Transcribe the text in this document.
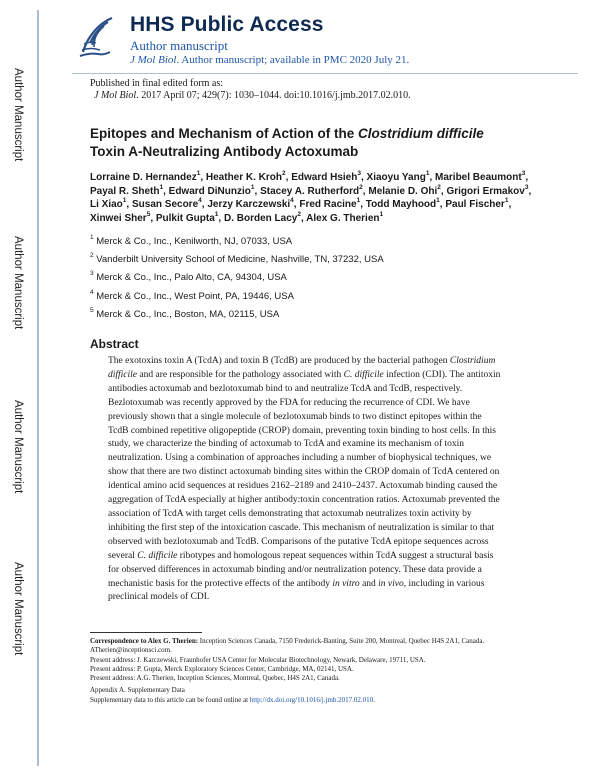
Author Manuscript
Author Manuscript
Author Manuscript
Author Manuscript
HHS Public Access
Author manuscript
J Mol Biol. Author manuscript; available in PMC 2020 July 21.
Published in final edited form as:
J Mol Biol. 2017 April 07; 429(7): 1030–1044. doi:10.1016/j.jmb.2017.02.010.
Epitopes and Mechanism of Action of the Clostridium difficile
Toxin A-Neutralizing Antibody Actoxumab
Lorraine D. Hernandez$^1$, Heather K. Kroh$^2$, Edward Hsieh$^3$, Xiaoyu Yang$^1$, Maribel Beaumont$^3$, Payal R. Sheth$^1$, Edward DiNunzio$^1$, Stacey A. Rutherford$^2$, Melanie D. Ohi$^2$, Grigori Ermakov$^3$, Li Xiao$^1$, Susan Secore$^4$, Jerzy Karczewski$^4$, Fred Racine$^1$, Todd Mayhood$^1$, Paul Fischer$^1$, Xinwei Sher$^5$, Pulkit Gupta$^1$, D. Borden Lacy$^2$, Alex G. Therien$^1$
$^1$ Merck & Co., Inc., Kenilworth, NJ, 07033, USA
$^2$ Vanderbilt University School of Medicine, Nashville, TN, 37232, USA
$^3$ Merck & Co., Inc., Palo Alto, CA, 94304, USA
$^4$ Merck & Co., Inc., West Point, PA, 19446, USA
$^5$ Merck & Co., Inc., Boston, MA, 02115, USA
Abstract
The exotoxins toxin A (TcdA) and toxin B (TcdB) are produced by the bacterial pathogen Clostridium difficile and are responsible for the pathology associated with C. difficile infection (CDI). The antitoxin antibodies actoxumab and bezlotoxumab bind to and neutralize TcdA and TcdB, respectively. Bezlotoxumab was recently approved by the FDA for reducing the recurrence of CDI. We have previously shown that a single molecule of bezlotoxumab binds to two distinct epitopes within the TcdB combined repetitive oligopeptide (CROP) domain, preventing toxin binding to host cells. In this study, we characterize the binding of actoxumab to TcdA and examine its mechanism of toxin neutralization. Using a combination of approaches including a number of biophysical techniques, we show that there are two distinct actoxumab binding sites within the CROP domain of TcdA centered on identical amino acid sequences at residues 2162–2189 and 2410–2437. Actoxumab binding caused the aggregation of TcdA especially at higher antibody:toxin concentration ratios. Actoxumab prevented the association of TcdA with target cells demonstrating that actoxumab neutralizes toxin activity by inhibiting the first step of the intoxication cascade. This mechanism of neutralization is similar to that observed with bezlotoxumab and TcdB. Comparisons of the putative TcdA epitope sequences across several C. difficile ribotypes and homologous repeat sequences within TcdA suggest a structural basis for observed differences in actoxumab binding and/or neutralization potency. These data provide a mechanistic basis for the protective effects of the antibody in vitro and in vivo, including in various preclinical models of CDI.
Correspondence to Alex G. Therien: Inception Sciences Canada, 7150 Frederick-Banting, Suite 200, Montreal, Quebec H4S 2A1, Canada. ATherien@inceptionsci.com.
Present address: J. Karczewski, Fraunhofer USA Center for Molecular Biotechnology, Newark, Delaware, 19711, USA.
Present address: P. Gupta, Merck Exploratory Sciences Center, Cambridge, MA, 02141, USA.
Present address: A.G. Therien, Inception Sciences, Montreal, Quebec, H4S 2A1, Canada.
Appendix A. Supplementary Data
Supplementary data to this article can be found online at http://dx.doi.org/10.1016/j.jmb.2017.02.010.
